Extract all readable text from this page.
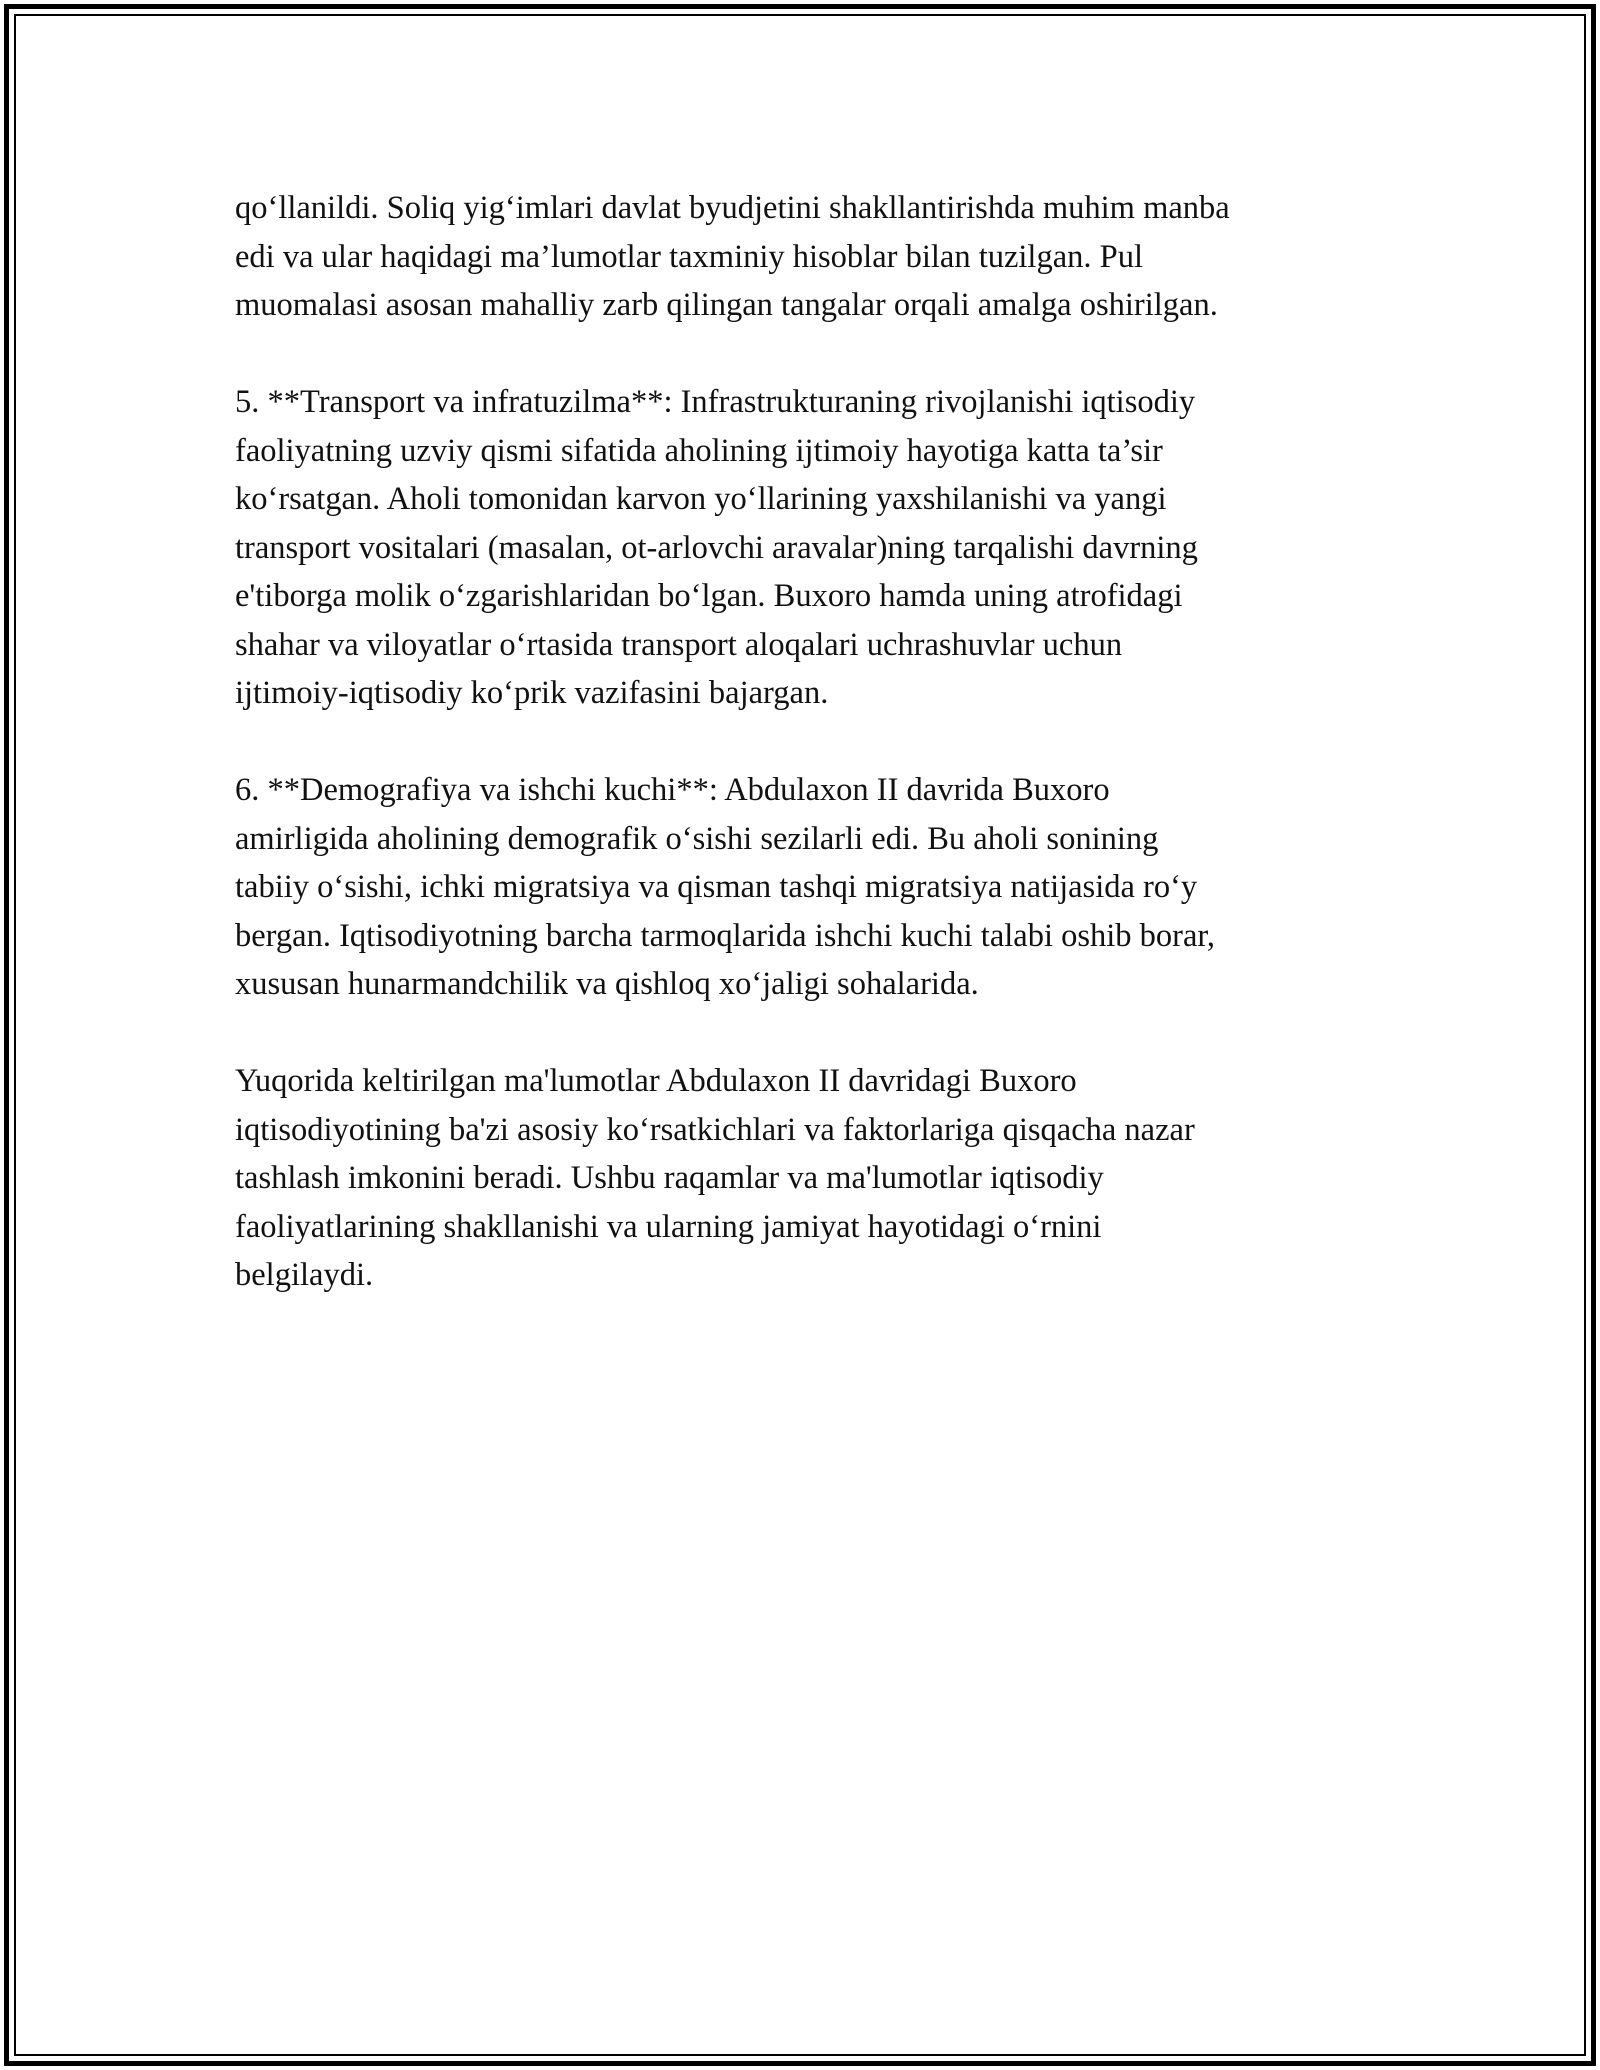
qo‘llanildi. Soliq yig‘imlari davlat byudjetini shakllantirishda muhim manba
edi va ular haqidagi ma’lumotlar taxminiy hisoblar bilan tuzilgan. Pul
muomalasi asosan mahalliy zarb qilingan tangalar orqali amalga oshirilgan.

5. **Transport va infratuzilma**: Infrastrukturaning rivojlanishi iqtisodiy
faoliyatning uzviy qismi sifatida aholining ijtimoiy hayotiga katta ta’sir
ko‘rsatgan. Aholi tomonidan karvon yo‘llarining yaxshilanishi va yangi
transport vositalari (masalan, ot-arlovchi aravalar)ning tarqalishi davrning
e'tiborga molik o‘zgarishlaridan bo‘lgan. Buxoro hamda uning atrofidagi
shahar va viloyatlar o‘rtasida transport aloqalari uchrashuvlar uchun
ijtimoiy-iqtisodiy ko‘prik vazifasini bajargan.

6. **Demografiya va ishchi kuchi**: Abdulaxon II davrida Buxoro
amirligida aholining demografik o‘sishi sezilarli edi. Bu aholi sonining
tabiiy o‘sishi, ichki migratsiya va qisman tashqi migratsiya natijasida ro‘y
bergan. Iqtisodiyotning barcha tarmoqlarida ishchi kuchi talabi oshib borar,
xususan hunarmandchilik va qishloq xo‘jaligi sohalarida.

Yuqorida keltirilgan ma'lumotlar Abdulaxon II davridagi Buxoro
iqtisodiyotining ba'zi asosiy ko‘rsatkichlari va faktorlariga qisqacha nazar
tashlash imkonini beradi. Ushbu raqamlar va ma'lumotlar iqtisodiy
faoliyatlarining shakllanishi va ularning jamiyat hayotidagi o‘rnini
belgilaydi.
